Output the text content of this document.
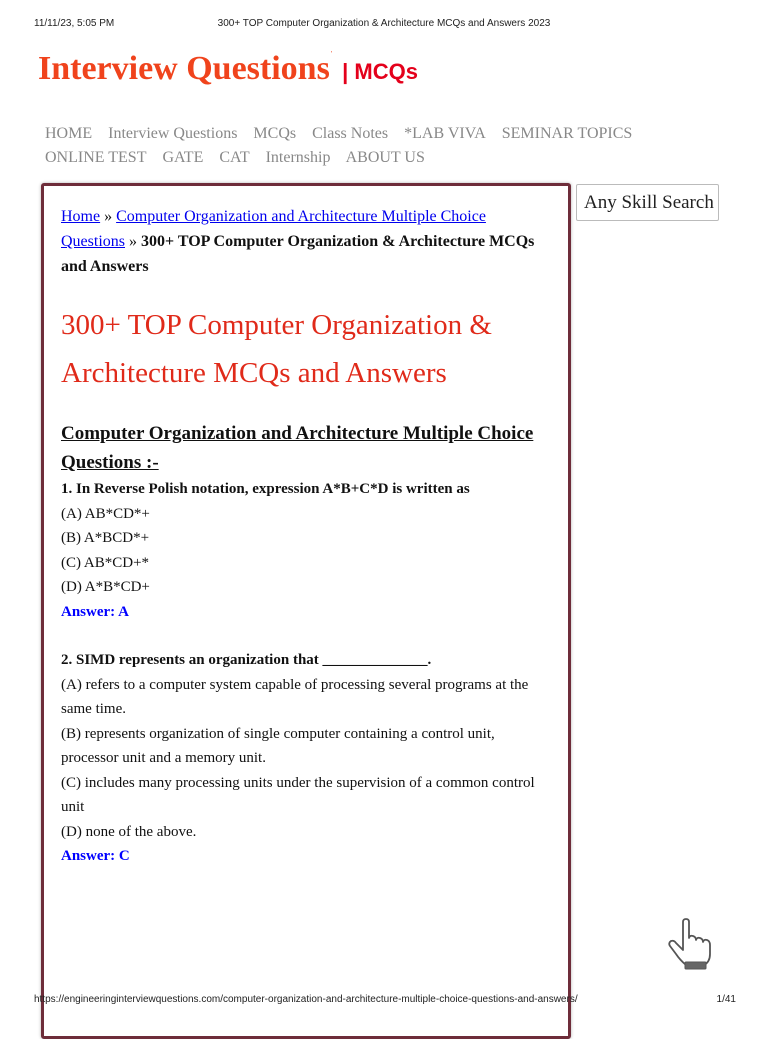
11/11/23, 5:05 PM	300+ TOP Computer Organization & Architecture MCQs and Answers 2023
Interview Questions'| MCQs
HOME Interview Questions MCQs Class Notes *LAB VIVA SEMINAR TOPICS
ONLINE TEST GATE CAT Internship ABOUT US
Home » Computer Organization and Architecture Multiple Choice Questions » 300+ TOP Computer Organization & Architecture MCQs and Answers
300+ TOP Computer Organization & Architecture MCQs and Answers
Computer Organization and Architecture Multiple Choice Questions :-
1. In Reverse Polish notation, expression A*B+C*D is written as
(A) AB*CD*+
(B) A*BCD*+
(C) AB*CD+*
(D) A*B*CD+
Answer: A
2. SIMD represents an organization that ______________.
(A) refers to a computer system capable of processing several programs at the same time.
(B) represents organization of single computer containing a control unit, processor unit and a memory unit.
(C) includes many processing units under the supervision of a common control unit
(D) none of the above.
Answer: C
Any Skill Search
https://engineeringinterviewquestions.com/computer-organization-and-architecture-multiple-choice-questions-and-answers/	1/41
